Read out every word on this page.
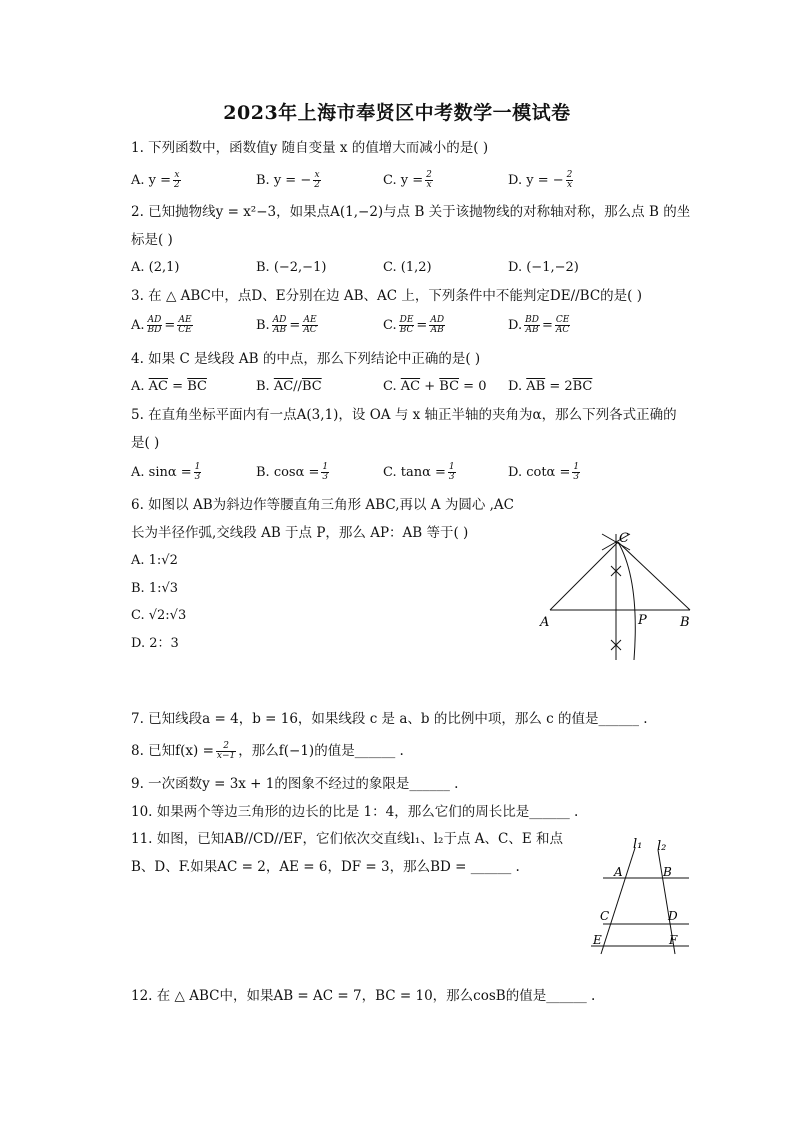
2023年上海市奉贤区中考数学一模试卷
1. 下列函数中，函数值y 随自变量 x 的值增大而减小的是( )
A. $y = \frac{x}{2}$	B. y = − $\frac{x}{2}$	C. $y = \frac{2}{x}$	D. y = − $\frac{2}{x}$
2. 已知抛物线y = x²−3，如果点A(1,−2)与点 B 关于该抛物线的对称轴对称，那么点 B 的坐
标是( )
A. (2,1)	B. (−2,−1)	C. (1,2)	D. (−1,−2)
3. 在 △ ABC中，点D、E分别在边 AB、AC 上，下列条件中不能判定DE//BC的是( )
A. $\frac{AD}{BD} = \frac{AE}{CE}$	B. $\frac{AD}{AB} = \frac{AE}{AC}$	C. $\frac{DE}{BC} = \frac{AD}{AB}$	D. $\frac{BD}{AB} = \frac{CE}{AC}$
4. 如果 C 是线段 AB 的中点，那么下列结论中正确的是( )
A. $\overline{AC} = \overline{BC}$	B. $\overline{AC}//\overline{BC}$	C. $\overline{AC} + \overline{BC} = 0$ D. $\overline{AB} = 2\overline{BC}$
5. 在直角坐标平面内有一点A(3,1)，设 OA 与 x 轴正半轴的夹角为α，那么下列各式正确的
是( )
A. $\sin\alpha = \frac{1}{3}$	B. $\cos\alpha = \frac{1}{3}$	C. $\tan\alpha = \frac{1}{3}$	D. $\cot\alpha = \frac{1}{3}$
6. 如图以 AB为斜边作等腰直角三角形 ABC,再以 A 为圆心 ,AC
长为半径作弧,交线段 AB 于点 P，那么 AP：AB 等于( )
A. 1:√2
B. 1:√3
C. √2:√3
D. 2：3
A	B
C
P
7. 已知线段a = 4，b = 16，如果线段 c 是 a、b 的比例中项，那么 c 的值是______ .
8. 已知$f(x) = \frac{2}{x-1}$ ，那么f(−1)的值是______ .
9. 一次函数y = 3x + 1的图象不经过的象限是______ .
10. 如果两个等边三角形的边长的比是 1：4，那么它们的周长比是______ .
11. 如图，已知AB//CD//EF，它们依次交直线l₁、l₂于点 A、C、E 和点
B、D、F.如果AC = 2，AE = 6，DF = 3，那么BD = ______ .
l₁ l₂
A	B
C	D
E	F
12. 在 △ ABC中，如果AB = AC = 7，BC = 10，那么cosB的值是______ .
